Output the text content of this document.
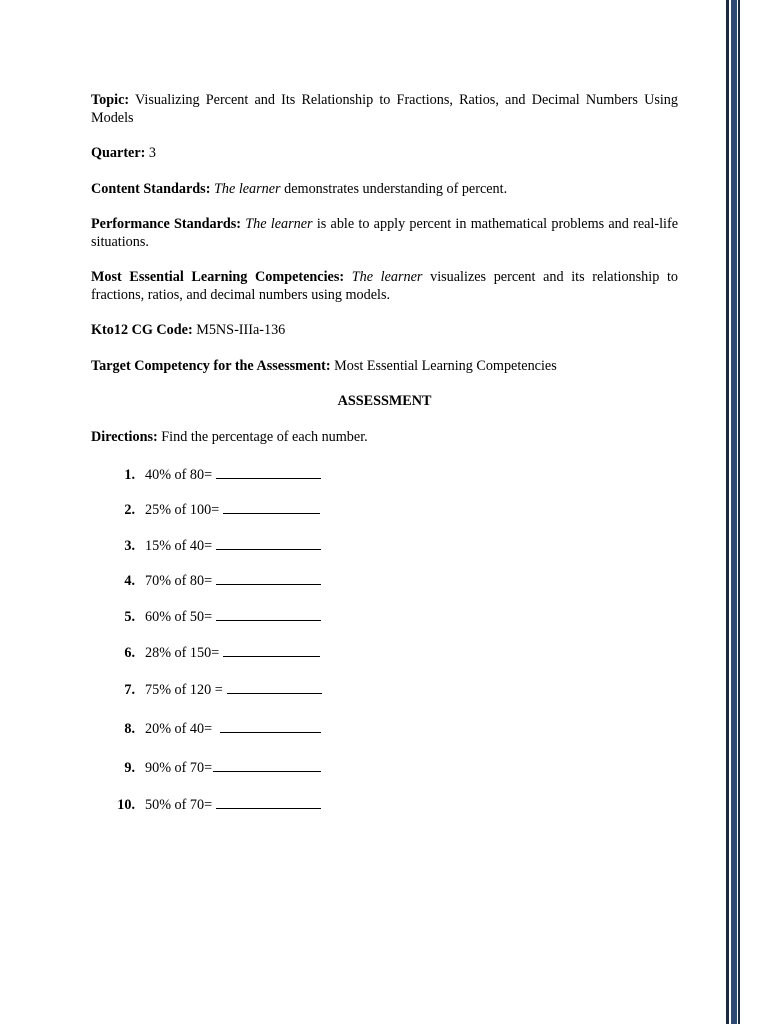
Topic: Visualizing Percent and Its Relationship to Fractions, Ratios, and Decimal Numbers Using Models

Quarter: 3

Content Standards: The learner demonstrates understanding of percent.

Performance Standards: The learner is able to apply percent in mathematical problems and real-life situations.

Most Essential Learning Competencies: The learner visualizes percent and its relationship to fractions, ratios, and decimal numbers using models.

Kto12 CG Code: M5NS-IIIa-136

Target Competency for the Assessment: Most Essential Learning Competencies

ASSESSMENT

Directions: Find the percentage of each number.

1. 40% of 80=
2. 25% of 100=
3. 15% of 40=
4. 70% of 80=
5. 60% of 50=
6. 28% of 150=
7. 75% of 120 =
8. 20% of 40=
9. 90% of 70=
10. 50% of 70=
